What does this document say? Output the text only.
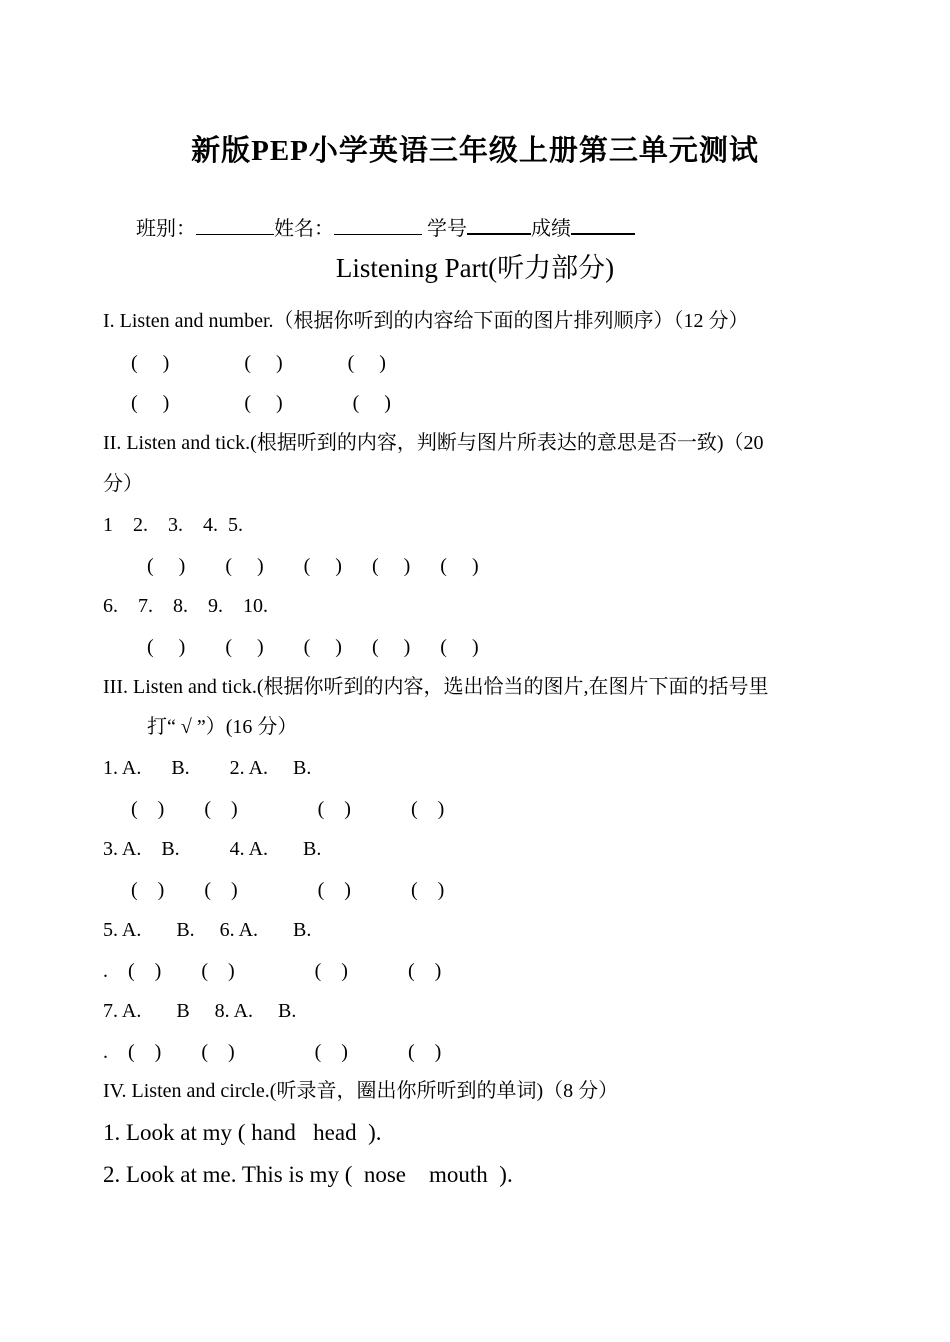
新版PEP小学英语三年级上册第三单元测试

班别：	姓名：	学号	成绩

Listening Part(听力部分)
I. Listen and number.（根据你听到的内容给下面的图片排列顺序）（12 分）
(     )               (     )             (     )
(     )               (     )              (     )
II. Listen and tick.(根据听到的内容，判断与图片所表达的意思是否一致)（20
分）
1    2.    3.    4.  5.
(     )        (     )        (     )      (     )      (     )
6.    7.    8.    9.    10.
(     )        (     )        (     )      (     )      (     )
III. Listen and tick.(根据你听到的内容，选出恰当的图片,在图片下面的括号里
打“ √ ”）(16 分）
1. A.      B.        2. A.     B.
(    )        (    )                (    )            (    )
3. A.    B.          4. A.       B.
(    )        (    )                (    )            (    )
5. A.       B.     6. A.       B.
.    (    )        (    )                (    )            (    )
7. A.       B     8. A.     B.
.    (    )        (    )                (    )            (    )
IV. Listen and circle.(听录音，圈出你所听到的单词)（8 分）
1. Look at my ( hand   head  ).
2. Look at me. This is my (  nose    mouth  ).
